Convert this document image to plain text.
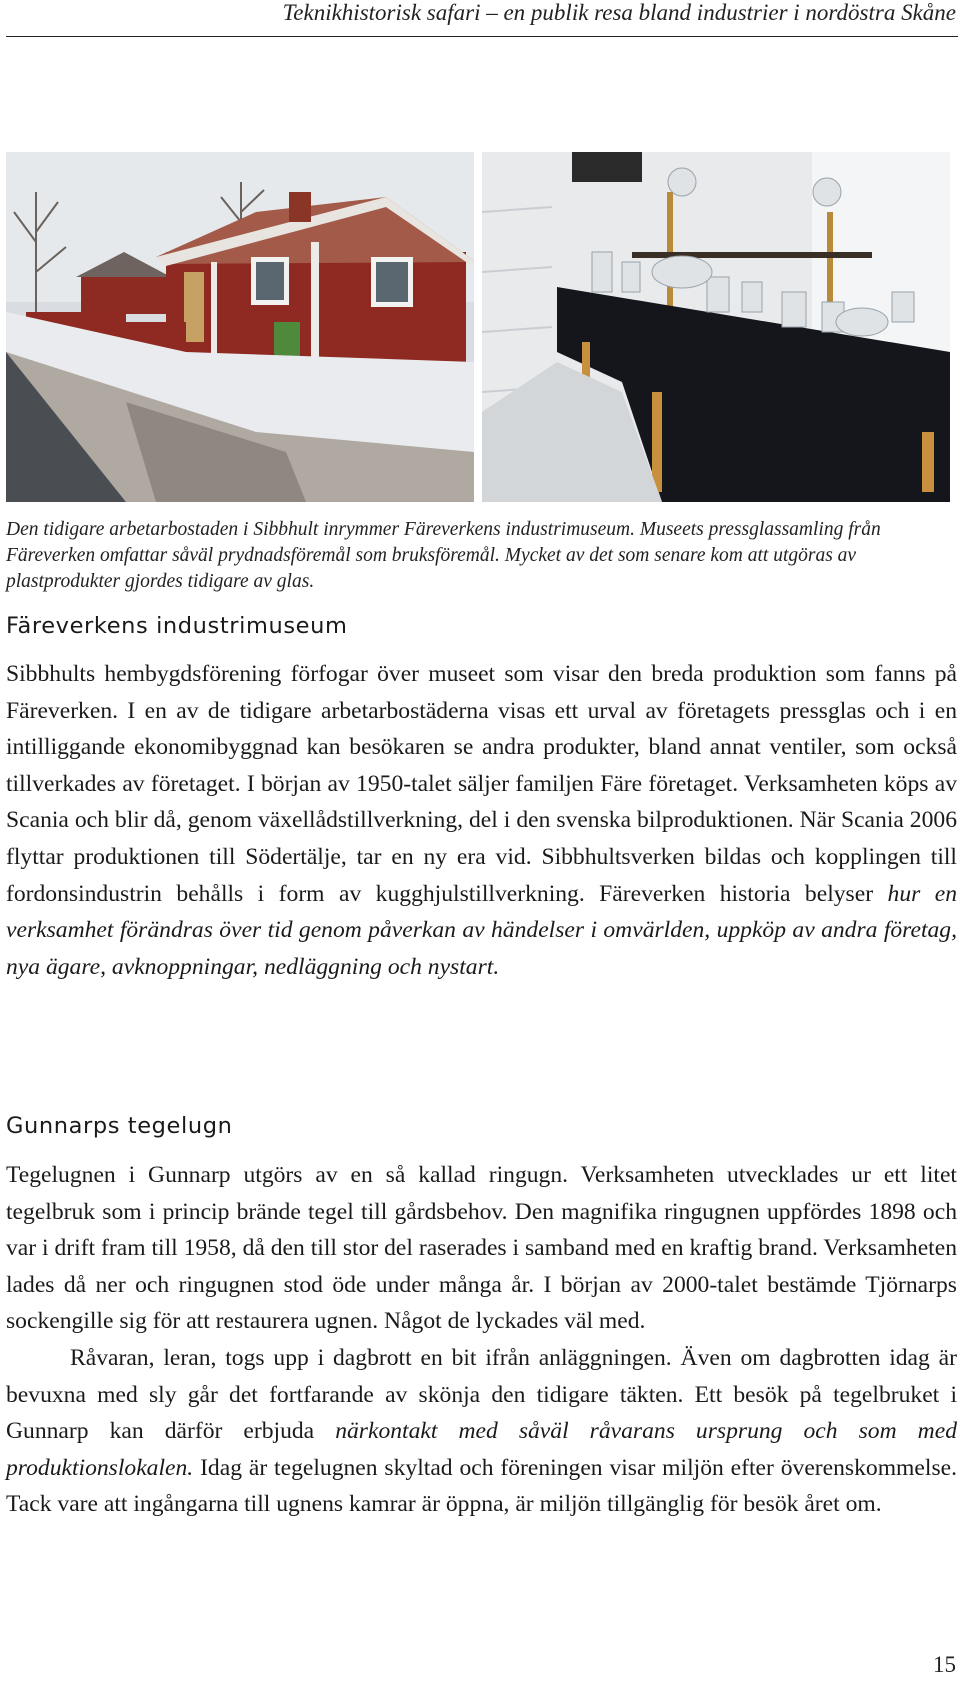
Teknikhistorisk safari – en publik resa bland industrier i nordöstra Skåne
Den tidigare arbetarbostaden i Sibbhult inrymmer Färeverkens industrimuseum. Museets pressglassamling från Färeverken omfattar såväl prydnadsföremål som bruksföremål. Mycket av det som senare kom att utgöras av plastprodukter gjordes tidigare av glas.
Färeverkens industrimuseum

Sibbhults hembygdsförening förfogar över museet som visar den breda produktion som fanns på Färeverken. I en av de tidigare arbetarbostäderna visas ett urval av företagets pressglas och i en intilliggande ekonomibyggnad kan besökaren se andra produkter, bland annat ventiler, som också tillverkades av företaget. I början av 1950-talet säljer familjen Färe företaget. Verksamheten köps av Scania och blir då, genom växellådstillverkning, del i den svenska bilproduktionen. När Scania 2006 flyttar produktionen till Södertälje, tar en ny era vid. Sibbhultsverken bildas och kopplingen till fordonsindustrin behålls i form av kugghjulstillverkning. Färeverken historia belyser hur en verksamhet förändras över tid genom påverkan av händelser i omvärlden, uppköp av andra företag, nya ägare, avknoppningar, nedläggning och nystart.

Gunnarps tegelugn

Tegelugnen i Gunnarp utgörs av en så kallad ringugn. Verksamheten utvecklades ur ett litet tegelbruk som i princip brände tegel till gårdsbehov. Den magnifika ringugnen uppfördes 1898 och var i drift fram till 1958, då den till stor del raserades i samband med en kraftig brand. Verksamheten lades då ner och ringugnen stod öde under många år. I början av 2000-talet bestämde Tjörnarps sockengille sig för att restaurera ugnen. Något de lyckades väl med.

Råvaran, leran, togs upp i dagbrott en bit ifrån anläggningen. Även om dagbrotten idag är bevuxna med sly går det fortfarande av skönja den tidigare täkten. Ett besök på tegelbruket i Gunnarp kan därför erbjuda närkontakt med såväl råvarans ursprung och som med produktionslokalen. Idag är tegelugnen skyltad och föreningen visar miljön efter överenskommelse. Tack vare att ingångarna till ugnens kamrar är öppna, är miljön tillgänglig för besök året om.

15
